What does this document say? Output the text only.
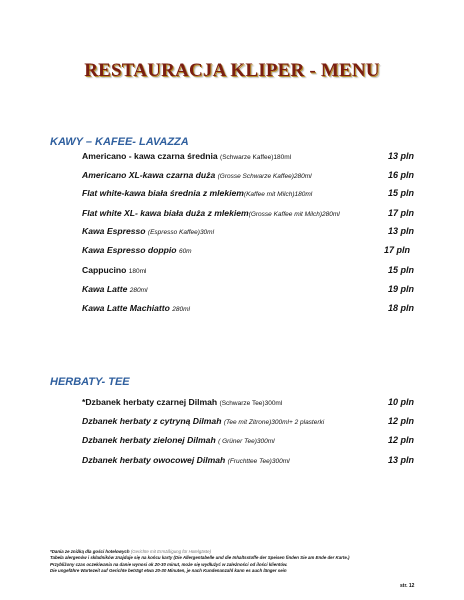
RESTAURACJA KLIPER - MENU
KAWY – KAFEE- LAVAZZA
Americano - kawa czarna średnia (Schwarze Kaffee)180ml	13 pln
Americano XL-kawa czarna duża (Grosse Schwarze Kaffee)280ml	16 pln
Flat white-kawa biała średnia z mlekiem(Kaffee mit Milch)180ml	15 pln
Flat white XL- kawa biała duża z mlekiem(Grosse Kaffee mit Milch)280ml	17 pln
Kawa Espresso (Espresso Kaffee)30ml	13 pln
Kawa Espresso doppio 60m	17 pln
Cappucino 180ml	15 pln
Kawa Latte 280ml	19 pln
Kawa Latte Machiatto 280ml	18 pln
HERBATY- TEE
*Dzbanek herbaty czarnej Dilmah (Schwarze Tee)300ml	10 pln
Dzbanek herbaty z cytryną Dilmah (Tee mit Zitrone)300ml+ 2 plasterki	12 pln
Dzbanek herbaty zielonej Dilmah ( Grüner Tee)300ml	12 pln
Dzbanek herbaty owocowej Dilmah (Fruchttee Tee)300ml	13 pln
*Dania ze zniżką dla gości hotelowych (Gerichte mit Ermäßigung für Hotelgäste)
Tabela alergenów i składników znajduje się na końcu karty (Die Allergentabelle und die Inhaltsstoffe der Speisen finden Sie am Ende der Karte.)
Przybliżony czas oczekiwania na danie wynosi ok 20-30 minut, może się wydłużyć w zależności od ilości klientów.
Die ungefähre Wartezeit auf Gerichte beträgt etwa 20-30 Minuten, je nach Kundenanzahl kann es auch länger sein
str. 12
